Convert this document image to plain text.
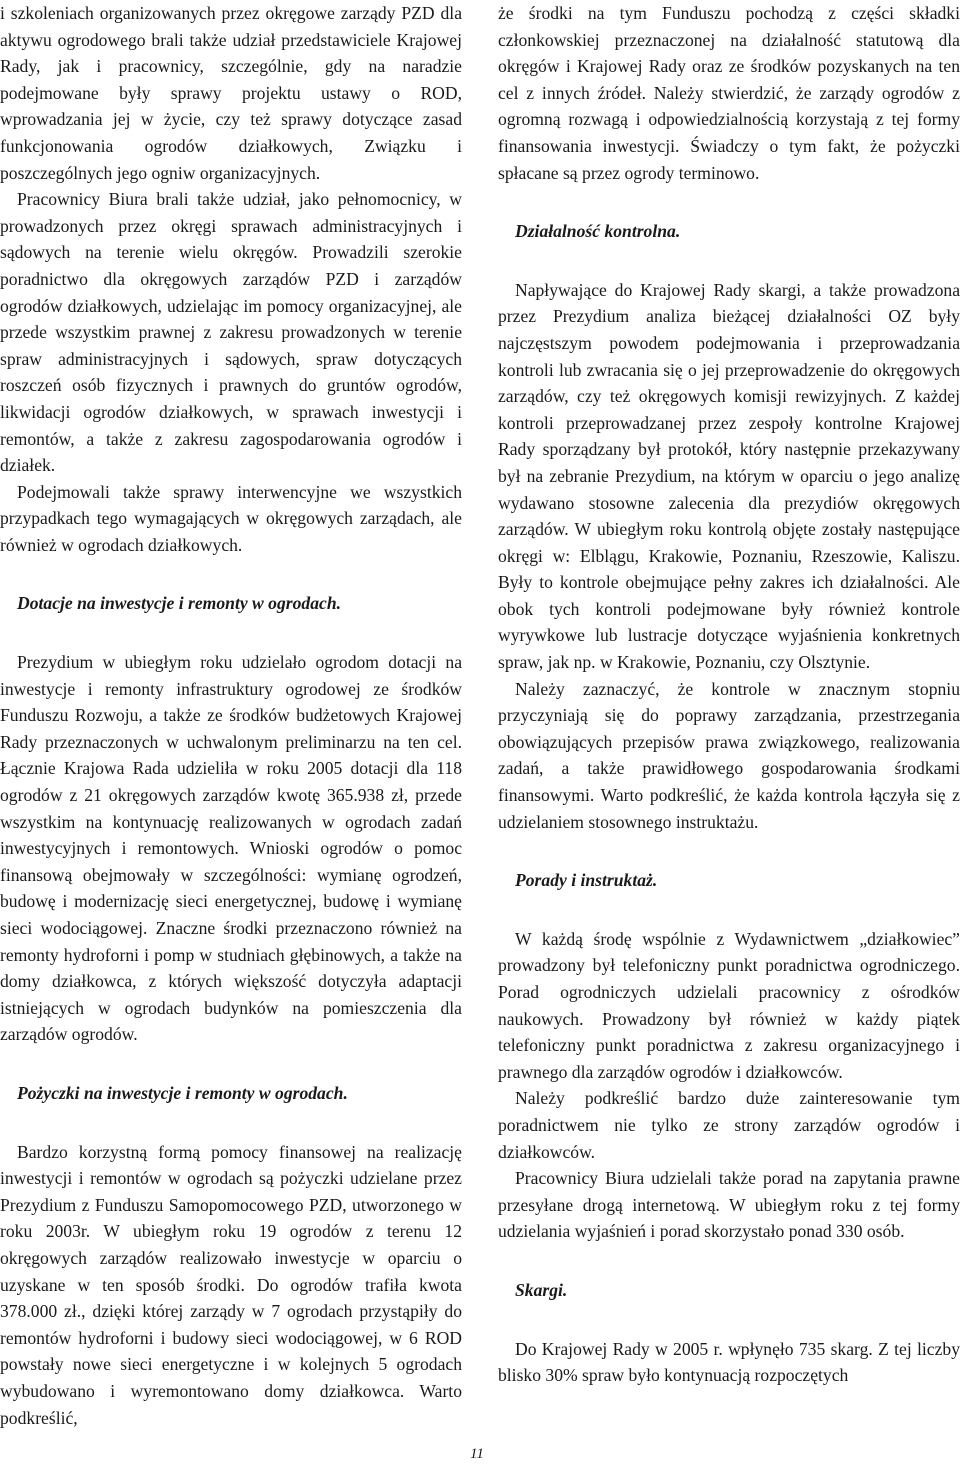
i szkoleniach organizowanych przez okręgowe zarządy PZD dla aktywu ogrodowego brali także udział przedstawiciele Krajowej Rady, jak i pracownicy, szczególnie, gdy na naradzie podejmowane były sprawy projektu ustawy o ROD, wprowadzania jej w życie, czy też sprawy dotyczące zasad funkcjonowania ogrodów działkowych, Związku i poszczególnych jego ogniw organizacyjnych.

Pracownicy Biura brali także udział, jako pełnomocnicy, w prowadzonych przez okręgi sprawach administracyjnych i sądowych na terenie wielu okręgów. Prowadzili szerokie poradnictwo dla okręgowych zarządów PZD i zarządów ogrodów działkowych, udzielając im pomocy organizacyjnej, ale przede wszystkim prawnej z zakresu prowadzonych w terenie spraw administracyjnych i sądowych, spraw dotyczących roszczeń osób fizycznych i prawnych do gruntów ogrodów, likwidacji ogrodów działkowych, w sprawach inwestycji i remontów, a także z zakresu zagospodarowania ogrodów i działek.

Podejmowali także sprawy interwencyjne we wszystkich przypadkach tego wymagających w okręgowych zarządach, ale również w ogrodach działkowych.

Dotacje na inwestycje i remonty w ogrodach.

Prezydium w ubiegłym roku udzielało ogrodom dotacji na inwestycje i remonty infrastruktury ogrodowej ze środków Funduszu Rozwoju, a także ze środków budżetowych Krajowej Rady przeznaczonych w uchwalonym preliminarzu na ten cel. Łącznie Krajowa Rada udzieliła w roku 2005 dotacji dla 118 ogrodów z 21 okręgowych zarządów kwotę 365.938 zł, przede wszystkim na kontynuację realizowanych w ogrodach zadań inwestycyjnych i remontowych. Wnioski ogrodów o pomoc finansową obejmowały w szczególności: wymianę ogrodzeń, budowę i modernizację sieci energetycznej, budowę i wymianę sieci wodociągowej. Znaczne środki przeznaczono również na remonty hydroforni i pomp w studniach głębinowych, a także na domy działkowca, z których większość dotyczyła adaptacji istniejących w ogrodach budynków na pomieszczenia dla zarządów ogrodów.

Pożyczki na inwestycje i remonty w ogrodach.

Bardzo korzystną formą pomocy finansowej na realizację inwestycji i remontów w ogrodach są pożyczki udzielane przez Prezydium z Funduszu Samopomocowego PZD, utworzonego w roku 2003r. W ubiegłym roku 19 ogrodów z terenu 12 okręgowych zarządów realizowało inwestycje w oparciu o uzyskane w ten sposób środki. Do ogrodów trafiła kwota 378.000 zł., dzięki której zarządy w 7 ogrodach przystąpiły do remontów hydroforni i budowy sieci wodociągowej, w 6 ROD powstały nowe sieci energetyczne i w kolejnych 5 ogrodach wybudowano i wyremontowano domy działkowca. Warto podkreślić,

że środki na tym Funduszu pochodzą z części składki członkowskiej przeznaczonej na działalność statutową dla okręgów i Krajowej Rady oraz ze środków pozyskanych na ten cel z innych źródeł. Należy stwierdzić, że zarządy ogrodów z ogromną rozwagą i odpowiedzialnością korzystają z tej formy finansowania inwestycji. Świadczy o tym fakt, że pożyczki spłacane są przez ogrody terminowo.

Działalność kontrolna.

Napływające do Krajowej Rady skargi, a także prowadzona przez Prezydium analiza bieżącej działalności OZ były najczęstszym powodem podejmowania i przeprowadzania kontroli lub zwracania się o jej przeprowadzenie do okręgowych zarządów, czy też okręgowych komisji rewizyjnych. Z każdej kontroli przeprowadzanej przez zespoły kontrolne Krajowej Rady sporządzany był protokół, który następnie przekazywany był na zebranie Prezydium, na którym w oparciu o jego analizę wydawano stosowne zalecenia dla prezydiów okręgowych zarządów. W ubiegłym roku kontrolą objęte zostały następujące okręgi w: Elblągu, Krakowie, Poznaniu, Rzeszowie, Kaliszu. Były to kontrole obejmujące pełny zakres ich działalności. Ale obok tych kontroli podejmowane były również kontrole wyrywkowe lub lustracje dotyczące wyjaśnienia konkretnych spraw, jak np. w Krakowie, Poznaniu, czy Olsztynie.

Należy zaznaczyć, że kontrole w znacznym stopniu przyczyniają się do poprawy zarządzania, przestrzegania obowiązujących przepisów prawa związkowego, realizowania zadań, a także prawidłowego gospodarowania środkami finansowymi. Warto podkreślić, że każda kontrola łączyła się z udzielaniem stosownego instruktażu.

Porady i instruktaż.

W każdą środę wspólnie z Wydawnictwem „działkowiec” prowadzony był telefoniczny punkt poradnictwa ogrodniczego. Porad ogrodniczych udzielali pracownicy z ośrodków naukowych. Prowadzony był również w każdy piątek telefoniczny punkt poradnictwa z zakresu organizacyjnego i prawnego dla zarządów ogrodów i działkowców.

Należy podkreślić bardzo duże zainteresowanie tym poradnictwem nie tylko ze strony zarządów ogrodów i działkowców.

Pracownicy Biura udzielali także porad na zapytania prawne przesyłane drogą internetową. W ubiegłym roku z tej formy udzielania wyjaśnień i porad skorzystało ponad 330 osób.

Skargi.

Do Krajowej Rady w 2005 r. wpłynęło 735 skarg. Z tej liczby blisko 30% spraw było kontynuacją rozpoczętych

11
